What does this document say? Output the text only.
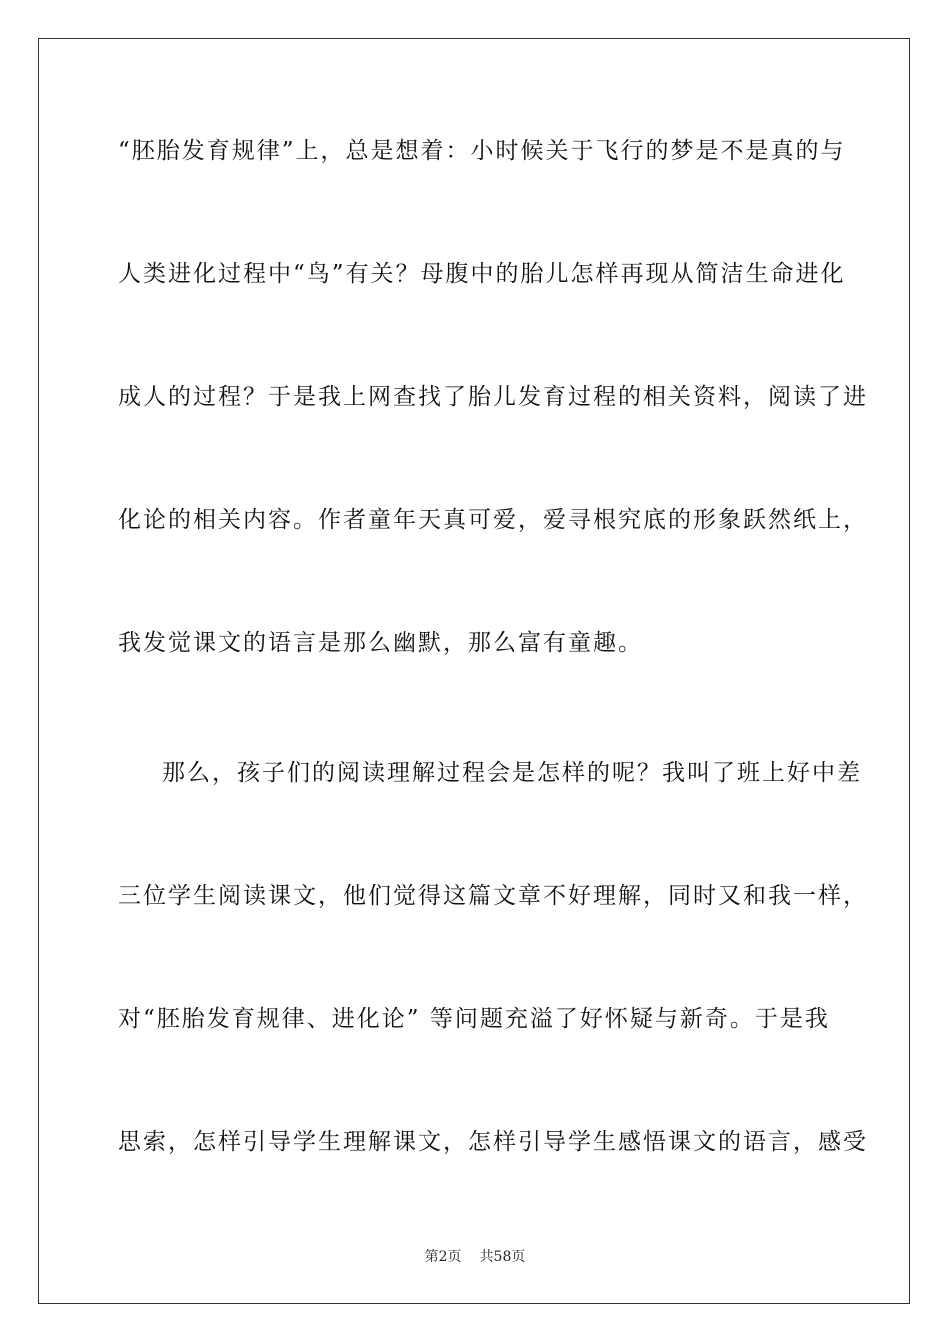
“胚胎发育规律”上，总是想着：小时候关于飞行的梦是不是真的与
人类进化过程中“鸟”有关？母腹中的胎儿怎样再现从简洁生命进化
成人的过程？于是我上网查找了胎儿发育过程的相关资料，阅读了进
化论的相关内容。作者童年天真可爱，爱寻根究底的形象跃然纸上，
我发觉课文的语言是那么幽默，那么富有童趣。
那么，孩子们的阅读理解过程会是怎样的呢？我叫了班上好中差
三位学生阅读课文，他们觉得这篇文章不好理解，同时又和我一样，
对“胚胎发育规律、进化论” 等问题充溢了好怀疑与新奇。于是我
思索，怎样引导学生理解课文，怎样引导学生感悟课文的语言，感受
第2页 共58页
